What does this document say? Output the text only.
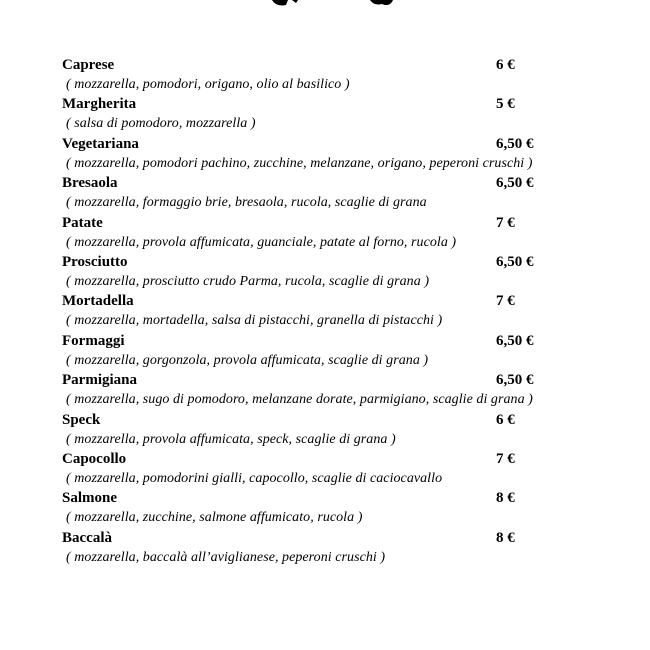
Caprese	6 €
( mozzarella, pomodori, origano, olio al basilico )
Margherita	5 €
( salsa di pomodoro, mozzarella )
Vegetariana	6,50 €
( mozzarella, pomodori pachino, zucchine, melanzane, origano, peperoni cruschi )
Bresaola	6,50 €
( mozzarella, formaggio brie, bresaola, rucola, scaglie di grana
Patate	7 €
( mozzarella, provola affumicata, guanciale, patate al forno, rucola )
Prosciutto	6,50 €
( mozzarella, prosciutto crudo Parma, rucola, scaglie di grana )
Mortadella	7 €
( mozzarella, mortadella, salsa di pistacchi, granella di pistacchi )
Formaggi	6,50 €
( mozzarella, gorgonzola, provola affumicata, scaglie di grana )
Parmigiana	6,50 €
( mozzarella, sugo di pomodoro, melanzane dorate, parmigiano, scaglie di grana )
Speck	6 €
( mozzarella, provola affumicata, speck, scaglie di grana )
Capocollo	7 €
( mozzarella, pomodorini gialli, capocollo, scaglie di caciocavallo
Salmone	8 €
( mozzarella, zucchine, salmone affumicato, rucola )
Baccalà	8 €
( mozzarella, baccalà all’aviglianese, peperoni cruschi )
